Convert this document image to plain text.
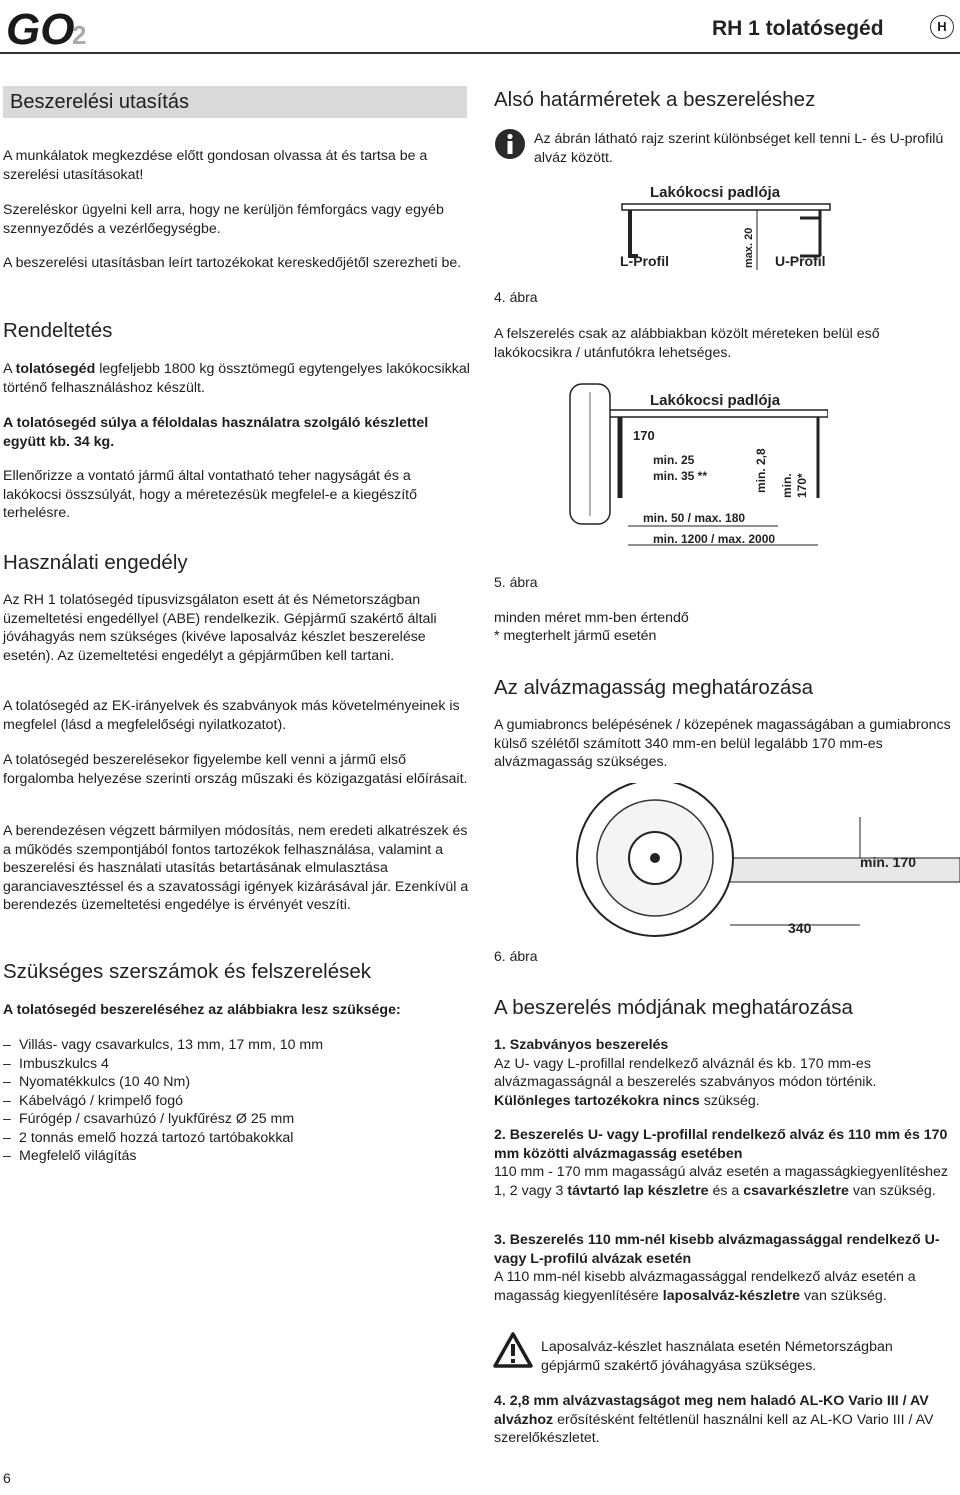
GO
2	RH 1 tolatósegéd	H
Beszerelési utasítás

A munkálatok megkezdése előtt gondosan olvassa át és tartsa be a szerelési utasításokat!

Szereléskor ügyelni kell arra, hogy ne kerüljön fémforgács vagy egyéb szennyeződés a vezérlőegységbe.

A beszerelési utasításban leírt tartozékokat kereskedőjétől szerezheti be.

Rendeltetés

A tolatósegéd legfeljebb 1800 kg össztömegű egytengelyes lakókocsikkal történő felhasználáshoz készült.

A tolatósegéd súlya a féloldalas használatra szolgáló készlettel együtt kb. 34 kg.

Ellenőrizze a vontató jármű által vontatható teher nagyságát és a lakókocsi összsúlyát, hogy a méretezésük megfelel-e a kiegészítő terhelésre.

Használati engedély

Az RH 1 tolatósegéd típusvizsgálaton esett át és Németországban üzemeltetési engedéllyel (ABE) rendelkezik. Gépjármű szakértő általi jóváhagyás nem szükséges (kivéve laposalváz készlet beszerelése esetén). Az üzemeltetési engedélyt a gépjárműben kell tartani.

A tolatósegéd az EK-irányelvek és szabványok más követelményeinek is megfelel (lásd a megfelelőségi nyilatkozatot).

A tolatósegéd beszerelésekor figyelembe kell venni a jármű első forgalomba helyezése szerinti ország műszaki és közigazgatási előírásait.

A berendezésen végzett bármilyen módosítás, nem eredeti alkatrészek és a működés szempontjából fontos tartozékok felhasználása, valamint a beszerelési és használati utasítás betartásának elmulasztása garanciavesztéssel és a szavatossági igények kizárásával jár. Ezenkívül a berendezés üzemeltetési engedélye is érvényét veszíti.

Szükséges szerszámok és felszerelések

A tolatósegéd beszereléséhez az alábbiakra lesz szüksége:

– Villás- vagy csavarkulcs, 13 mm, 17 mm, 10 mm
– Imbuszkulcs 4
– Nyomatékkulcs (10 40 Nm)
– Kábelvágó / krimpelő fogó
– Fúrógép / csavarhúzó / lyukfűrész Ø 25 mm
– 2 tonnás emelő hozzá tartozó tartóbakokkal
– Megfelelő világítás

Alsó határméretek a beszereléshez

Az ábrán látható rajz szerint különbséget kell tenni L- és U-profilú alváz között.

Lakókocsi padlója
L-Profil	U-Profil
max. 20
4. ábra

A felszerelés csak az alábbiakban közölt méreteken belül eső lakókocsikra / utánfutókra lehetséges.

Lakókocsi padlója
170
min. 25
min. 35 **	min. 2,8 min. 170*
min. 50 / max. 180
min. 1200 / max. 2000
5. ábra

minden méret mm-ben értendő

* megterhelt jármű esetén

Az alvázmagasság meghatározása

A gumiabroncs belépésének / közepének magasságában a gumiabroncs külső szélétől számított 340 mm-en belül legalább 170 mm-es alvázmagasság szükséges.

min. 170
340
6. ábra

A beszerelés módjának meghatározása

1. Szabványos beszerelés

Az U- vagy L-profillal rendelkező alváznál és kb. 170 mm-es alvázmagasságnál a beszerelés szabványos módon történik.

Különleges tartozékokra nincs szükség.

2. Beszerelés U- vagy L-profillal rendelkező alváz és 110 mm és 170 mm közötti alvázmagasság esetében

110 mm - 170 mm magasságú alváz esetén a magasságkiegyenlítéshez 1, 2 vagy 3 távtartó lap készletre és a csavarkészletre van szükség.

3. Beszerelés 110 mm-nél kisebb alvázmagassággal rendelkező U- vagy L-profilú alvázak esetén

A 110 mm-nél kisebb alvázmagassággal rendelkező alváz esetén a magasság kiegyenlítésére laposalváz-készletre van szükség.

Laposalváz-készlet használata esetén Németországban gépjármű szakértő jóváhagyása szükséges.

4. 2,8 mm alvázvastagságot meg nem haladó AL-KO Vario III / AV alvázhoz erősítésként feltétlenül használni kell az AL-KO Vario III / AV szerelőkészletet.

6
